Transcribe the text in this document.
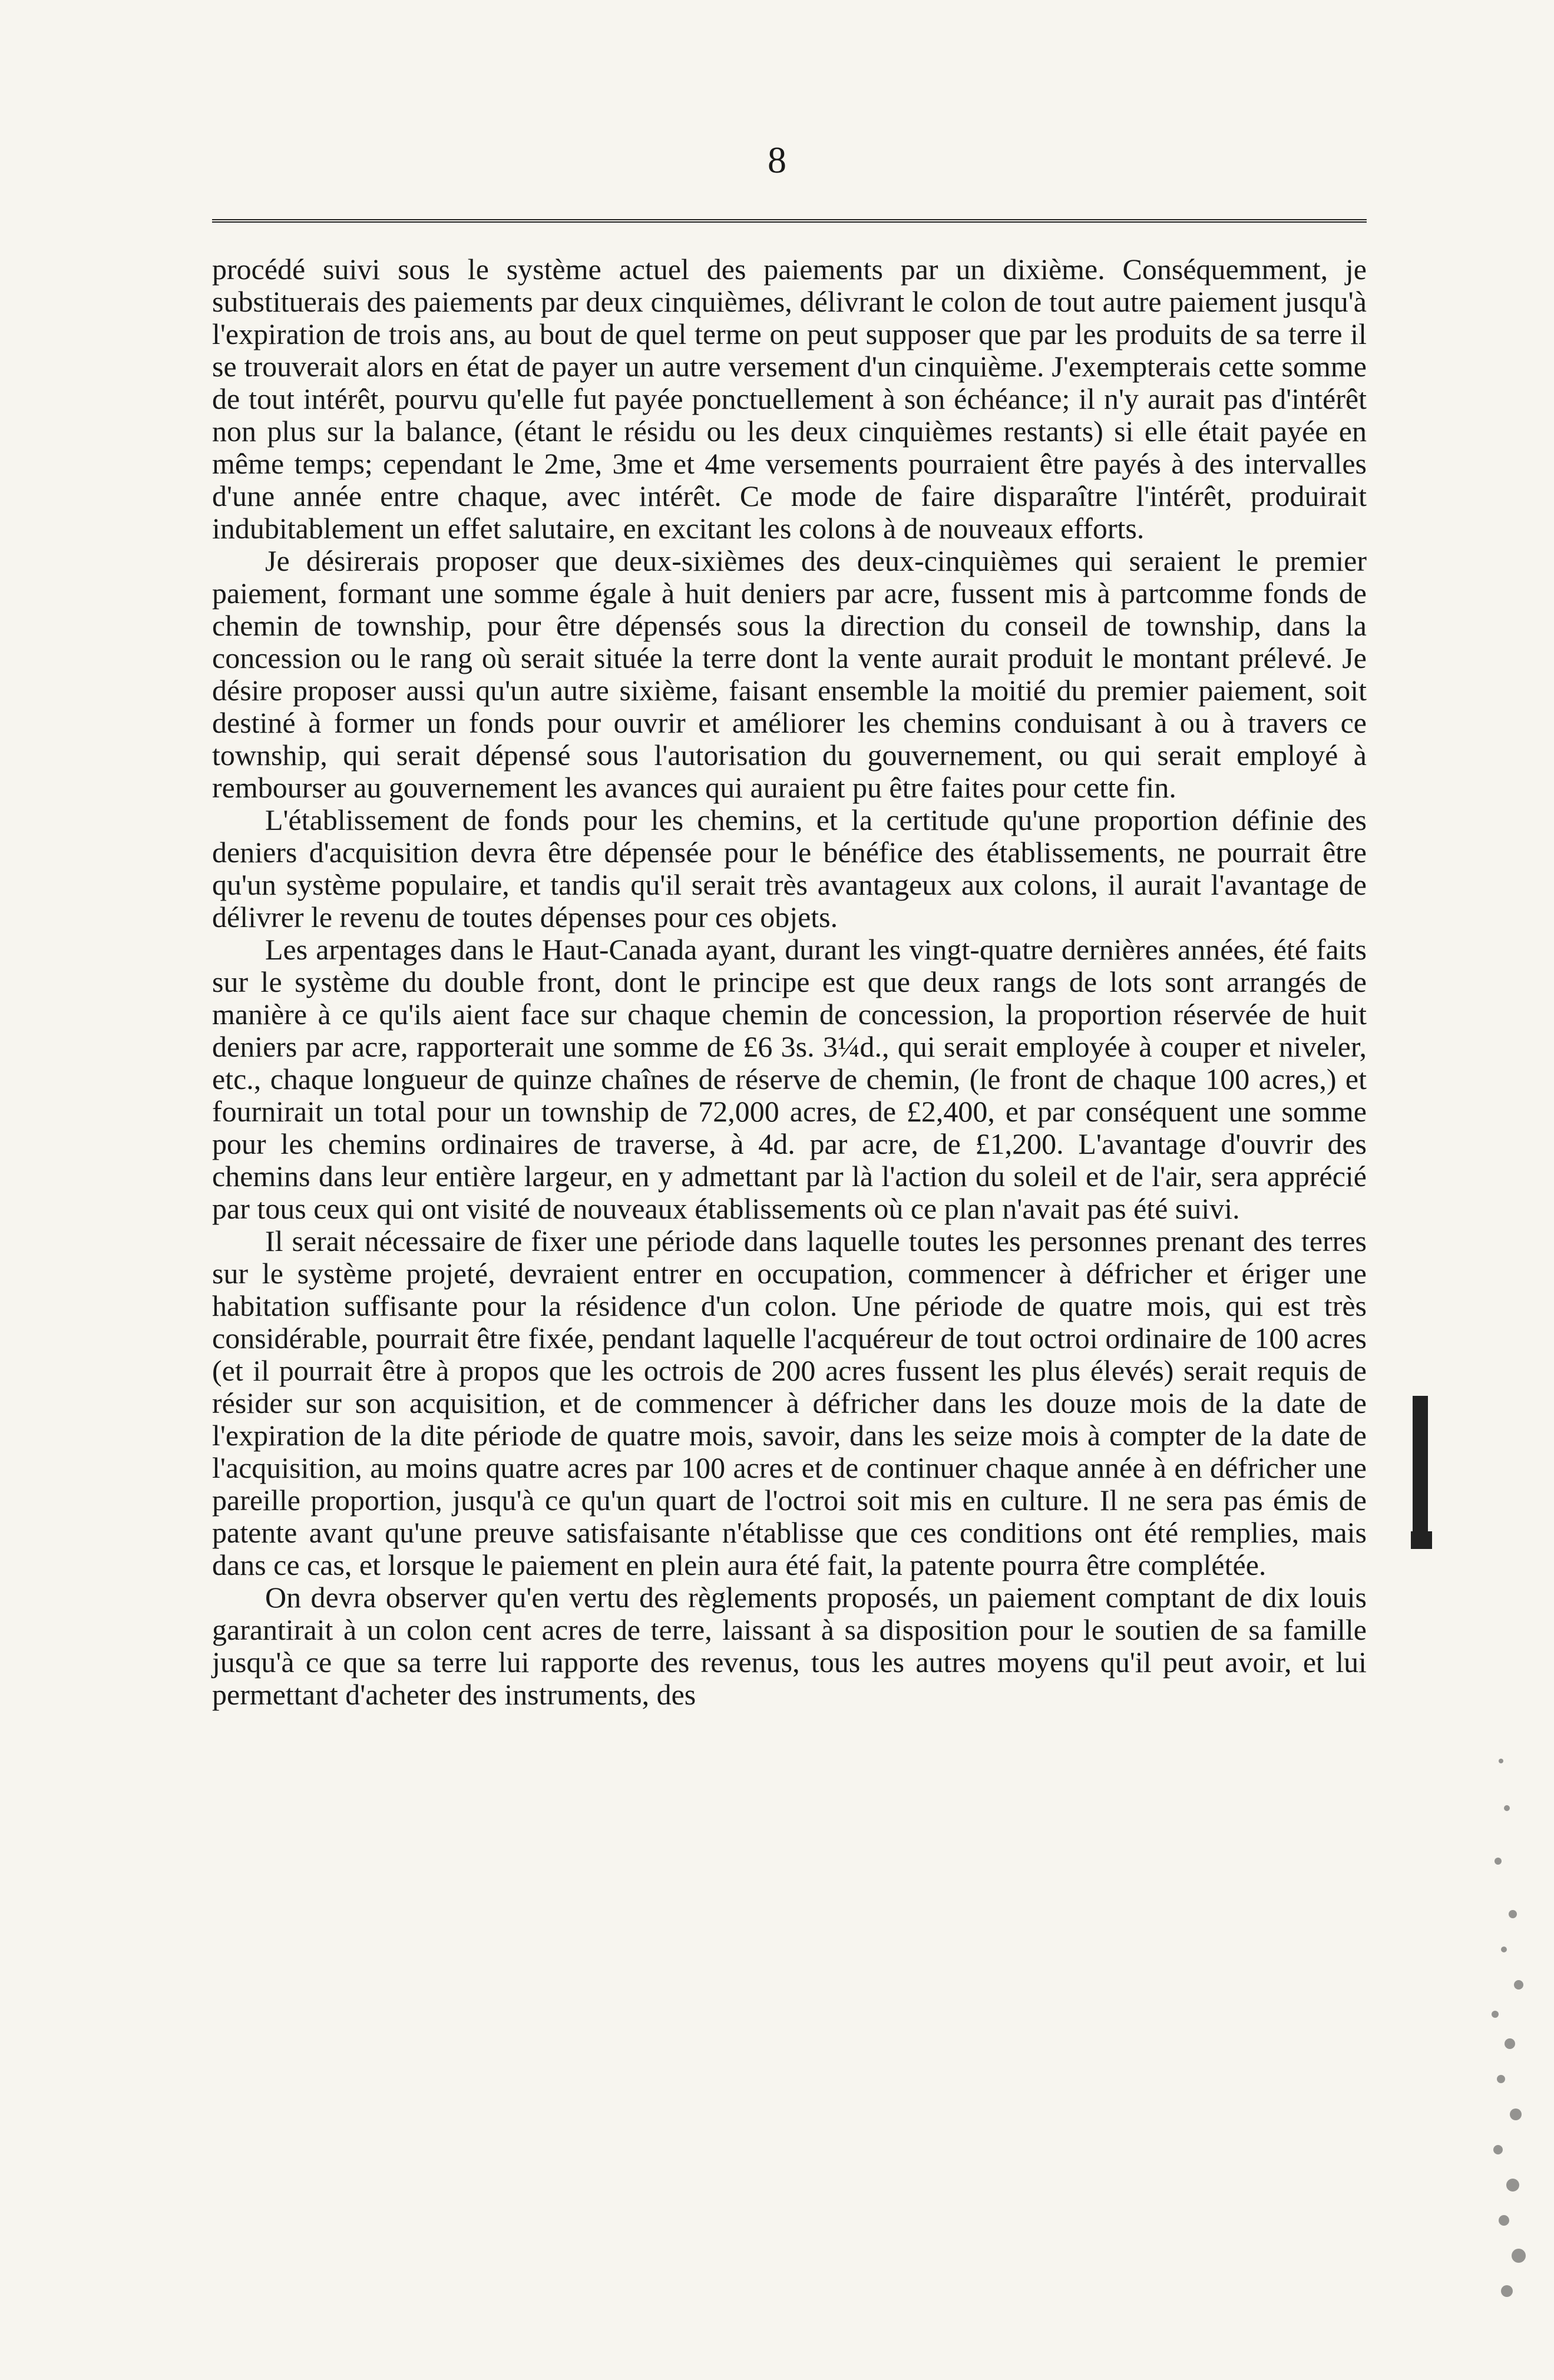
8

procédé suivi sous le système actuel des paiements par un dixième. Conséquemment, je substituerais des paiements par deux cinquièmes, délivrant le colon de tout autre paiement jusqu'à l'expiration de trois ans, au bout de quel terme on peut supposer que par les produits de sa terre il se trouverait alors en état de payer un autre versement d'un cinquième. J'exempterais cette somme de tout intérêt, pourvu qu'elle fut payée ponctuellement à son échéance; il n'y aurait pas d'intérêt non plus sur la balance, (étant le résidu ou les deux cinquièmes restants) si elle était payée en même temps; cependant le 2me, 3me et 4me versements pourraient être payés à des intervalles d'une année entre chaque, avec intérêt. Ce mode de faire disparaître l'intérêt, produirait indubitablement un effet salutaire, en excitant les colons à de nouveaux efforts.

Je désirerais proposer que deux-sixièmes des deux-cinquièmes qui seraient le premier paiement, formant une somme égale à huit deniers par acre, fussent mis à partcomme fonds de chemin de township, pour être dépensés sous la direction du conseil de township, dans la concession ou le rang où serait située la terre dont la vente aurait produit le montant prélevé. Je désire proposer aussi qu'un autre sixième, faisant ensemble la moitié du premier paiement, soit destiné à former un fonds pour ouvrir et améliorer les chemins conduisant à ou à travers ce township, qui serait dépensé sous l'autorisation du gouvernement, ou qui serait employé à rembourser au gouvernement les avances qui auraient pu être faites pour cette fin.

L'établissement de fonds pour les chemins, et la certitude qu'une proportion définie des deniers d'acquisition devra être dépensée pour le bénéfice des établissements, ne pourrait être qu'un système populaire, et tandis qu'il serait très avantageux aux colons, il aurait l'avantage de délivrer le revenu de toutes dépenses pour ces objets.

Les arpentages dans le Haut-Canada ayant, durant les vingt-quatre dernières années, été faits sur le système du double front, dont le principe est que deux rangs de lots sont arrangés de manière à ce qu'ils aient face sur chaque chemin de concession, la proportion réservée de huit deniers par acre, rapporterait une somme de £6 3s. 3¼d., qui serait employée à couper et niveler, etc., chaque longueur de quinze chaînes de réserve de chemin, (le front de chaque 100 acres,) et fournirait un total pour un township de 72,000 acres, de £2,400, et par conséquent une somme pour les chemins ordinaires de traverse, à 4d. par acre, de £1,200. L'avantage d'ouvrir des chemins dans leur entière largeur, en y admettant par là l'action du soleil et de l'air, sera apprécié par tous ceux qui ont visité de nouveaux établissements où ce plan n'avait pas été suivi.

Il serait nécessaire de fixer une période dans laquelle toutes les personnes prenant des terres sur le système projeté, devraient entrer en occupation, commencer à défricher et ériger une habitation suffisante pour la résidence d'un colon. Une période de quatre mois, qui est très considérable, pourrait être fixée, pendant laquelle l'acquéreur de tout octroi ordinaire de 100 acres (et il pourrait être à propos que les octrois de 200 acres fussent les plus élevés) serait requis de résider sur son acquisition, et de commencer à défricher dans les douze mois de la date de l'expiration de la dite période de quatre mois, savoir, dans les seize mois à compter de la date de l'acquisition, au moins quatre acres par 100 acres et de continuer chaque année à en défricher une pareille proportion, jusqu'à ce qu'un quart de l'octroi soit mis en culture. Il ne sera pas émis de patente avant qu'une preuve satisfaisante n'établisse que ces conditions ont été remplies, mais dans ce cas, et lorsque le paiement en plein aura été fait, la patente pourra être complétée.

On devra observer qu'en vertu des règlements proposés, un paiement comptant de dix louis garantirait à un colon cent acres de terre, laissant à sa disposition pour le soutien de sa famille jusqu'à ce que sa terre lui rapporte des revenus, tous les autres moyens qu'il peut avoir, et lui permettant d'acheter des instruments, des
